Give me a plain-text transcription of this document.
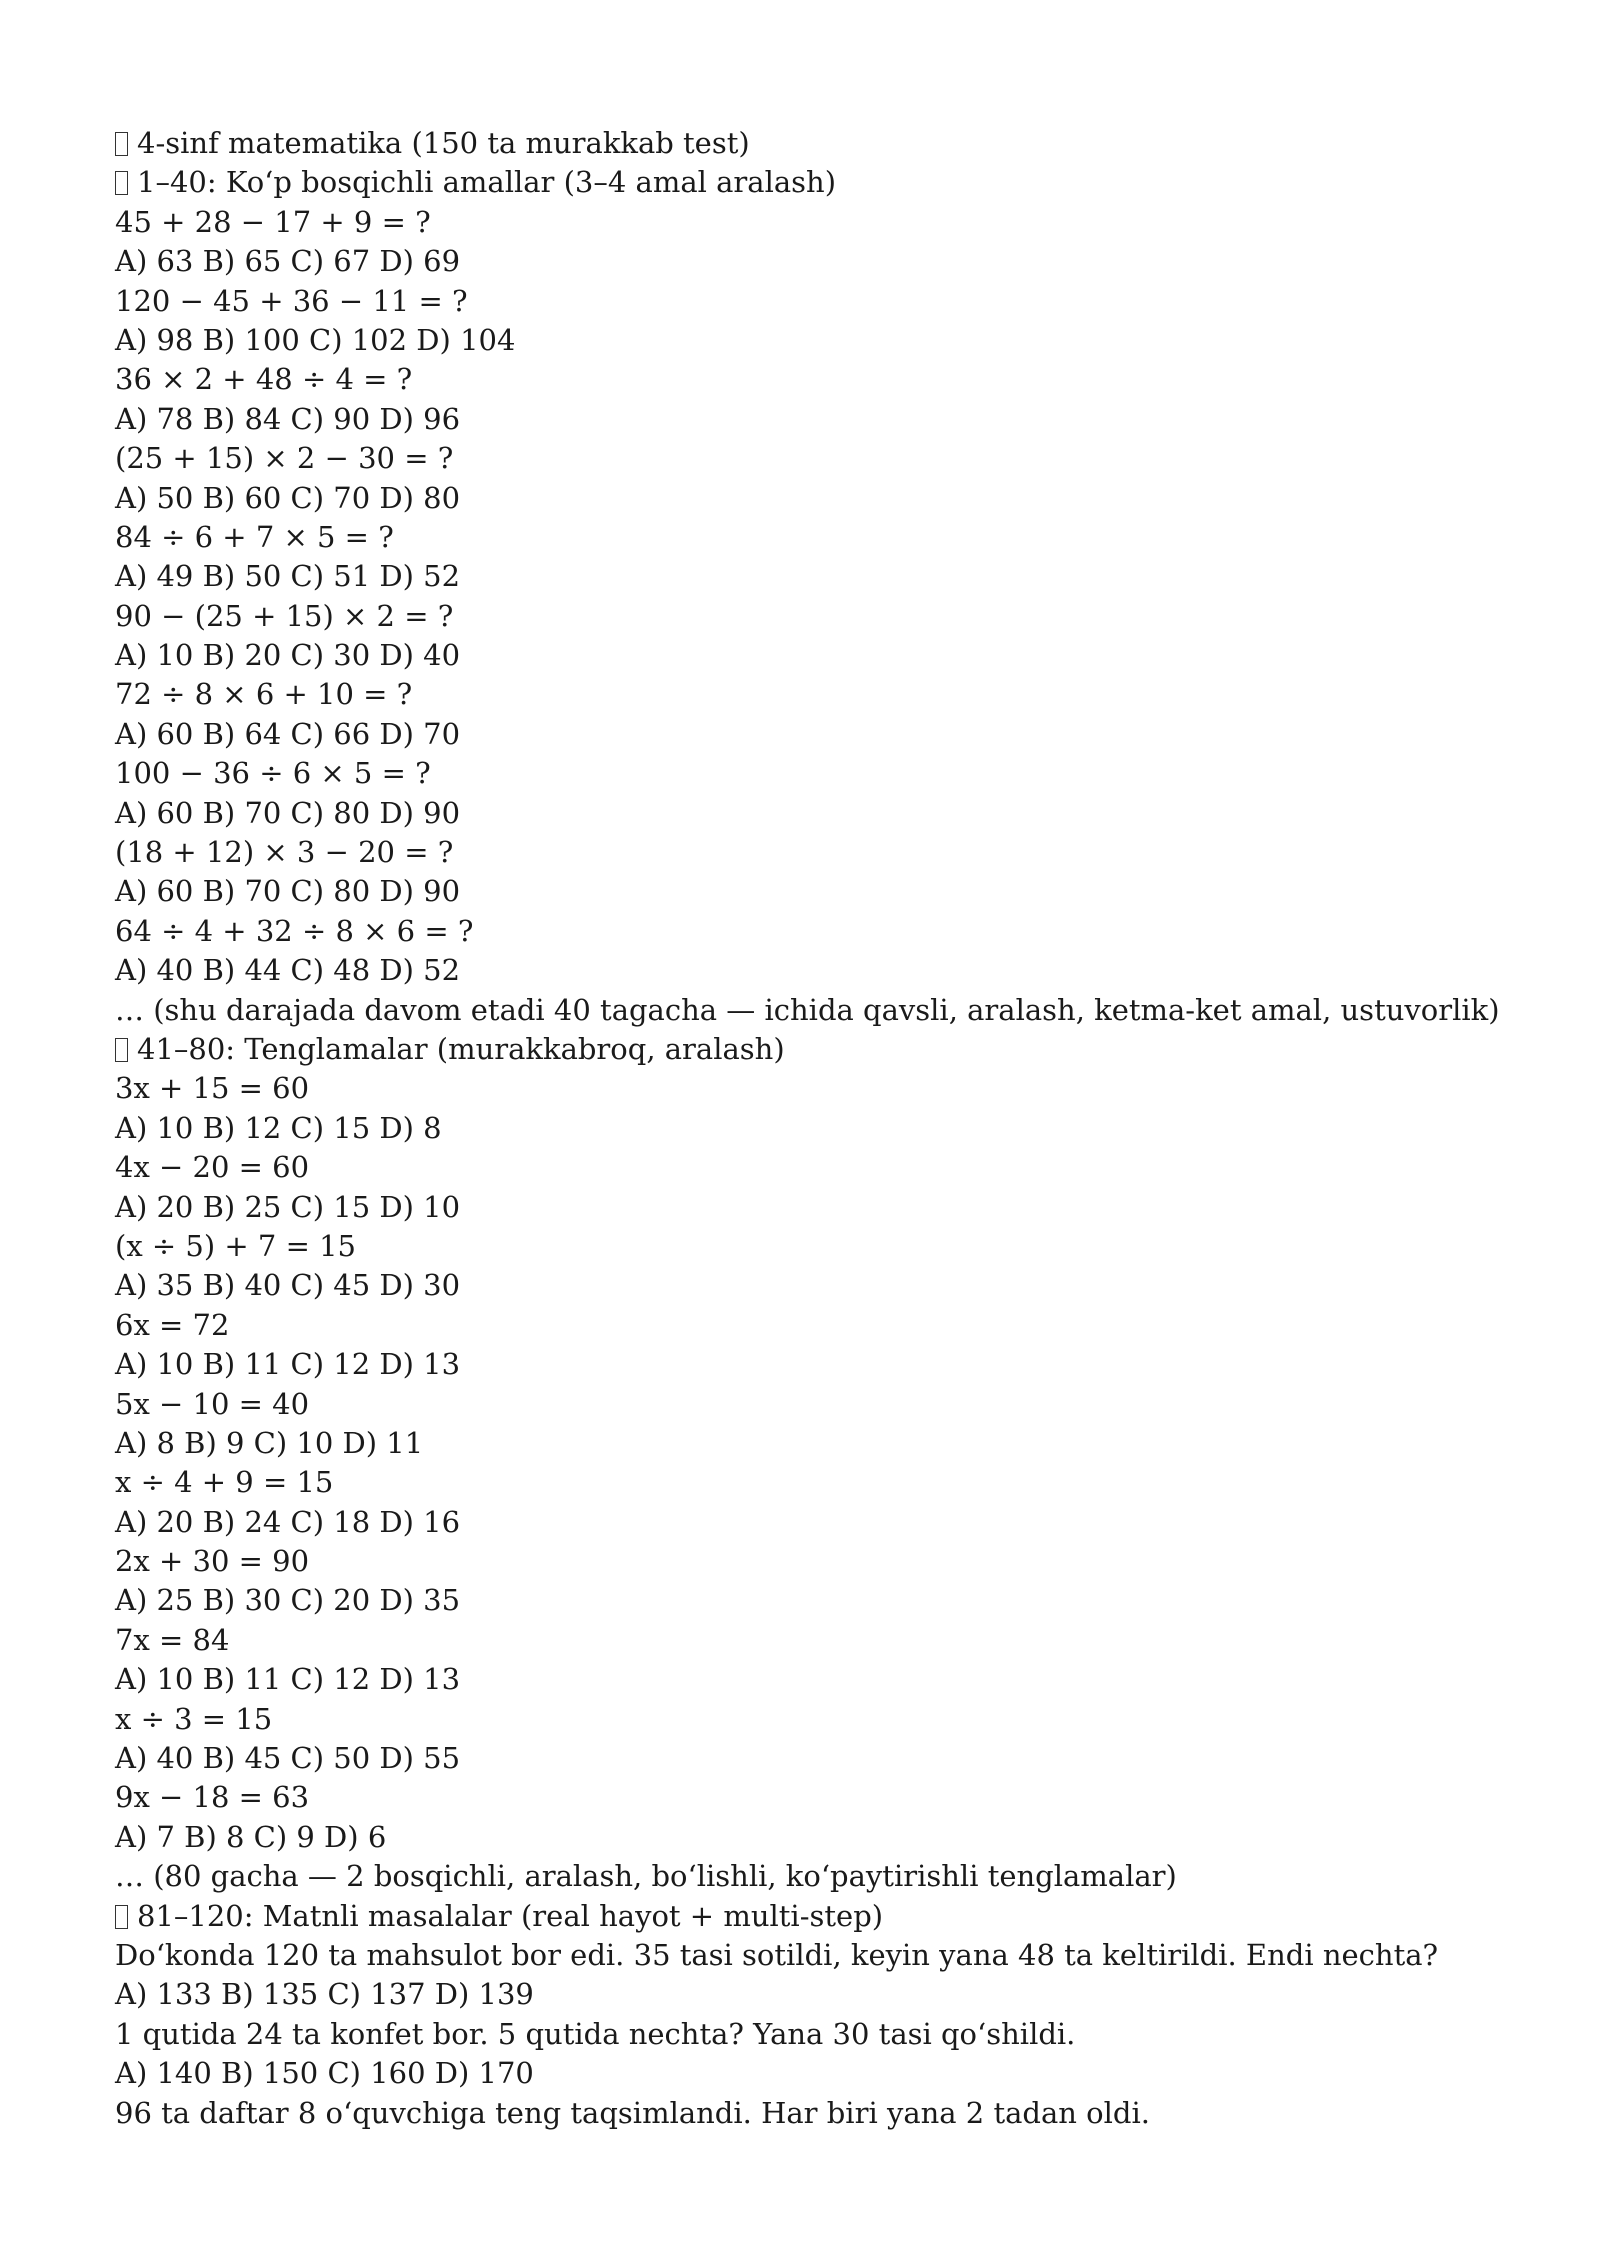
4-sinf matematika (150 ta murakkab test)
1–40: Koʻp bosqichli amallar (3–4 amal aralash)
45 + 28 − 17 + 9 = ?
A) 63 B) 65 C) 67 D) 69
120 − 45 + 36 − 11 = ?
A) 98 B) 100 C) 102 D) 104
36 × 2 + 48 ÷ 4 = ?
A) 78 B) 84 C) 90 D) 96
(25 + 15) × 2 − 30 = ?
A) 50 B) 60 C) 70 D) 80
84 ÷ 6 + 7 × 5 = ?
A) 49 B) 50 C) 51 D) 52
90 − (25 + 15) × 2 = ?
A) 10 B) 20 C) 30 D) 40
72 ÷ 8 × 6 + 10 = ?
A) 60 B) 64 C) 66 D) 70
100 − 36 ÷ 6 × 5 = ?
A) 60 B) 70 C) 80 D) 90
(18 + 12) × 3 − 20 = ?
A) 60 B) 70 C) 80 D) 90
64 ÷ 4 + 32 ÷ 8 × 6 = ?
A) 40 B) 44 C) 48 D) 52
… (shu darajada davom etadi 40 tagacha — ichida qavsli, aralash, ketma-ket amal, ustuvorlik)
41–80: Tenglamalar (murakkabroq, aralash)
3x + 15 = 60
A) 10 B) 12 C) 15 D) 8
4x − 20 = 60
A) 20 B) 25 C) 15 D) 10
(x ÷ 5) + 7 = 15
A) 35 B) 40 C) 45 D) 30
6x = 72
A) 10 B) 11 C) 12 D) 13
5x − 10 = 40
A) 8 B) 9 C) 10 D) 11
x ÷ 4 + 9 = 15
A) 20 B) 24 C) 18 D) 16
2x + 30 = 90
A) 25 B) 30 C) 20 D) 35
7x = 84
A) 10 B) 11 C) 12 D) 13
x ÷ 3 = 15
A) 40 B) 45 C) 50 D) 55
9x − 18 = 63
A) 7 B) 8 C) 9 D) 6
… (80 gacha — 2 bosqichli, aralash, boʻlishli, koʻpaytirishli tenglamalar)
81–120: Matnli masalalar (real hayot + multi-step)
Doʻkonda 120 ta mahsulot bor edi. 35 tasi sotildi, keyin yana 48 ta keltirildi. Endi nechta?
A) 133 B) 135 C) 137 D) 139
1 qutida 24 ta konfet bor. 5 qutida nechta? Yana 30 tasi qoʻshildi.
A) 140 B) 150 C) 160 D) 170
96 ta daftar 8 oʻquvchiga teng taqsimlandi. Har biri yana 2 tadan oldi.
